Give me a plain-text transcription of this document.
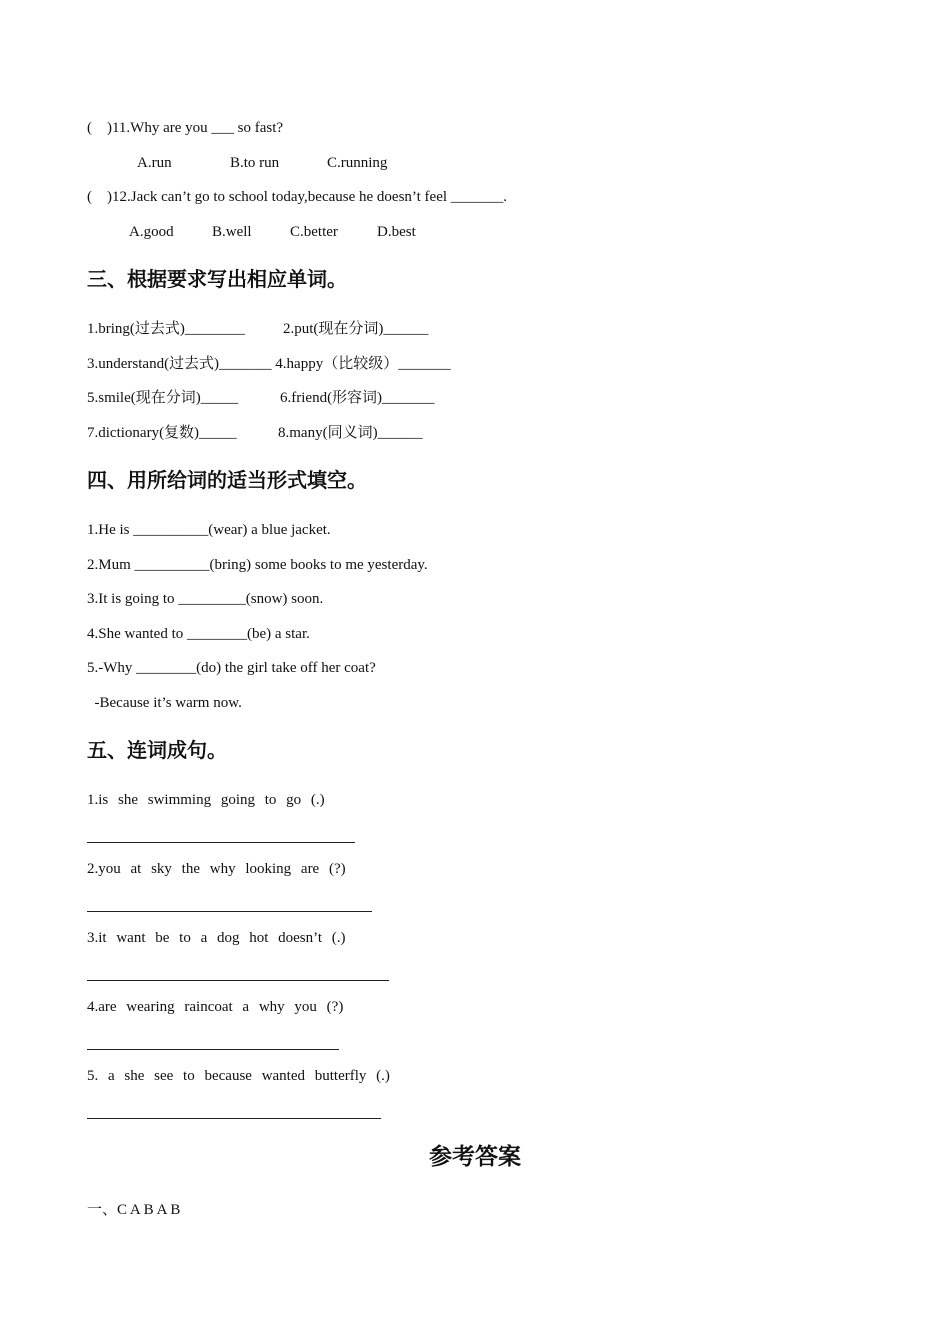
(    )11.Why are you ___ so fast?
A.run	B.to run	C.running
(    )12.Jack can’t go to school today,because he doesn’t feel _______.
A.good	B.well	C.better	D.best
三、根据要求写出相应单词。
1.bring(过去式)________	2.put(现在分词)______
3.understand(过去式)_______ 4.happy（比较级）_______
5.smile(现在分词)_____	6.friend(形容词)_______
7.dictionary(复数)_____	8.many(同义词)______
四、用所给词的适当形式填空。
1.He is __________(wear) a blue jacket.
2.Mum __________(bring) some books to me yesterday.
3.It is going to _________(snow) soon.
4.She wanted to ________(be) a star.
5.-Why ________(do) the girl take off her coat?
-Because it’s warm now.
五、连词成句。
1.is she swimming going to go (.)
2.you at sky the why looking are (?)
3.it want be to a dog hot doesn’t (.)
4.are wearing raincoat a why you (?)
5. a she see to because wanted butterfly (.)
参考答案
一、C A B A B
